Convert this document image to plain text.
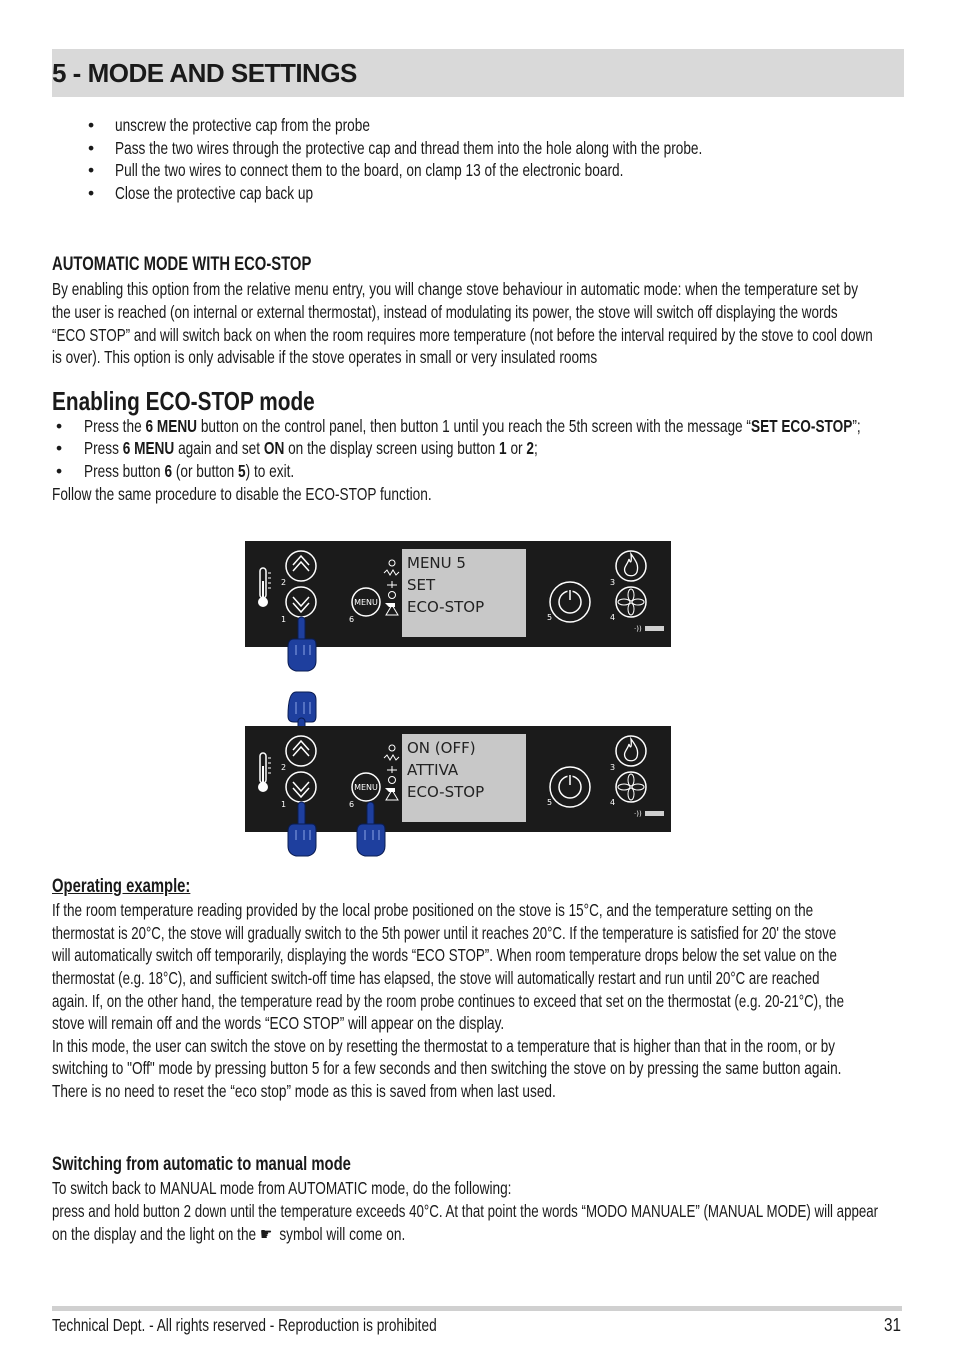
5 - MODE AND SETTINGS
• unscrew the protective cap from the probe
• Pass the two wires through the protective cap and thread them into the hole along with the probe.
• Pull the two wires to connect them to the board, on clamp 13 of the electronic board.
• Close the protective cap back up
AUTOMATIC MODE WITH ECO-STOP
By enabling this option from the relative menu entry, you will change stove behaviour in automatic mode: when the temperature set by
the user is reached (on internal or external thermostat), instead of modulating its power, the stove will switch off displaying the words
“ECO STOP” and will switch back on when the room requires more temperature (not before the interval required by the stove to cool down
is over). This option is only advisable if the stove operates in small or very insulated rooms
Enabling ECO-STOP mode
• Press the 6 MENU button on the control panel, then button 1 until you reach the 5th screen with the message “SET ECO-STOP”;
• Press 6 MENU again and set ON on the display screen using button 1 or 2;
• Press button 6 (or button 5) to exit.
Follow the same procedure to disable the ECO-STOP function.
MENU
·))
2
1	6	5
3
4
MENU 5
SET
ECO-STOP
MENU
·))
2
1	6	5
3
4
ON (OFF)
ATTIVA
ECO-STOP
Operating example:
If the room temperature reading provided by the local probe positioned on the stove is 15°C, and the temperature setting on the
thermostat is 20°C, the stove will gradually switch to the 5th power until it reaches 20°C. If the temperature is satisfied for 20' the stove
will automatically switch off temporarily, displaying the words “ECO STOP”. When room temperature drops below the set value on the
thermostat (e.g. 18°C), and sufficient switch-off time has elapsed, the stove will automatically restart and run until 20°C are reached
again. If, on the other hand, the temperature read by the room probe continues to exceed that set on the thermostat (e.g. 20-21°C), the
stove will remain off and the words “ECO STOP” will appear on the display.
In this mode, the user can switch the stove on by resetting the thermostat to a temperature that is higher than that in the room, or by
switching to "Off" mode by pressing button 5 for a few seconds and then switching the stove on by pressing the same button again.
There is no need to reset the “eco stop” mode as this is saved from when last used.
Switching from automatic to manual mode
To switch back to MANUAL mode from AUTOMATIC mode, do the following:
press and hold button 2 down until the temperature exceeds 40°C. At that point the words “MODO MANUALE” (MANUAL MODE) will appear
on the display and the light on the ☛ symbol will come on.
Technical Dept. - All rights reserved - Reproduction is prohibited	31
